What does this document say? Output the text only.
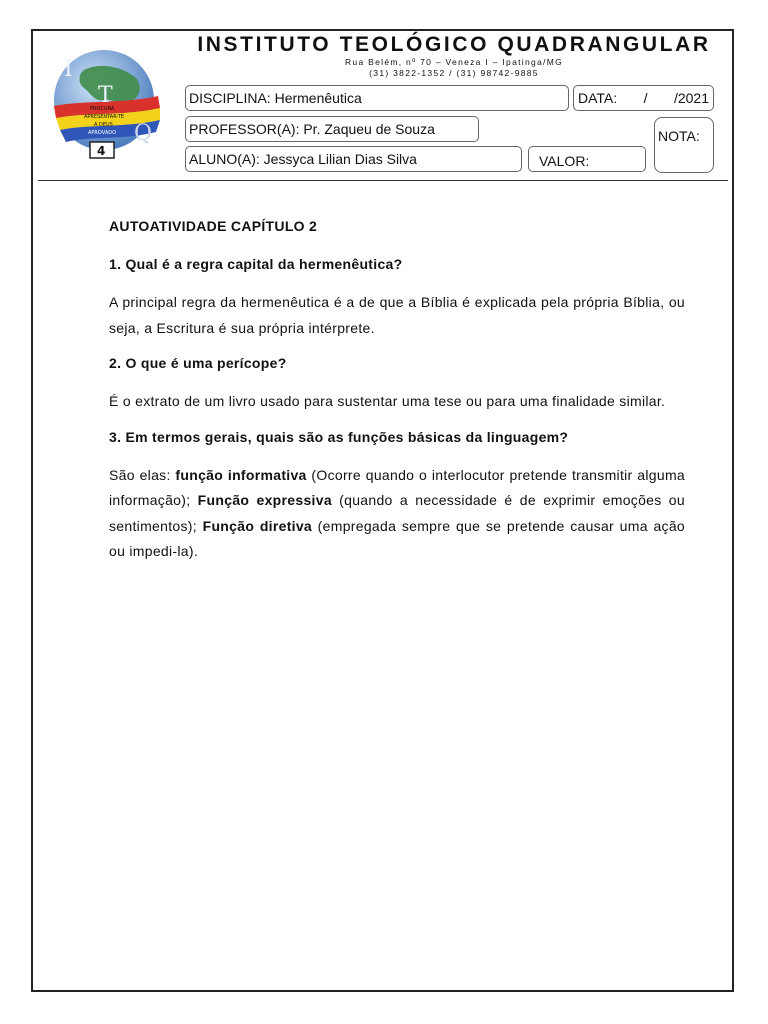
I
T
Q
PROCURA
APRESENTAR-TE
A DEUS
APROVADO
4
INSTITUTO TEOLÓGICO QUADRANGULAR
Rua Belém, nº 70 – Veneza I – Ipatinga/MG
(31) 3822-1352 / (31) 98742-9885
DISCIPLINA: Hermenêutica	DATA: / /2021
PROFESSOR(A): Pr. Zaqueu de Souza	NOTA:
ALUNO(A): Jessyca Lilian Dias Silva	VALOR:

AUTOATIVIDADE CAPÍTULO 2

1. Qual é a regra capital da hermenêutica?

A principal regra da hermenêutica é a de que a Bíblia é explicada pela própria Bíblia, ou seja, a Escritura é sua própria intérprete.

2. O que é uma perícope?

É o extrato de um livro usado para sustentar uma tese ou para uma finalidade similar.

3. Em termos gerais, quais são as funções básicas da linguagem?

São elas: função informativa (Ocorre quando o interlocutor pretende transmitir alguma informação); Função expressiva (quando a necessidade é de exprimir emoções ou sentimentos); Função diretiva (empregada sempre que se pretende causar uma ação ou impedi-la).
